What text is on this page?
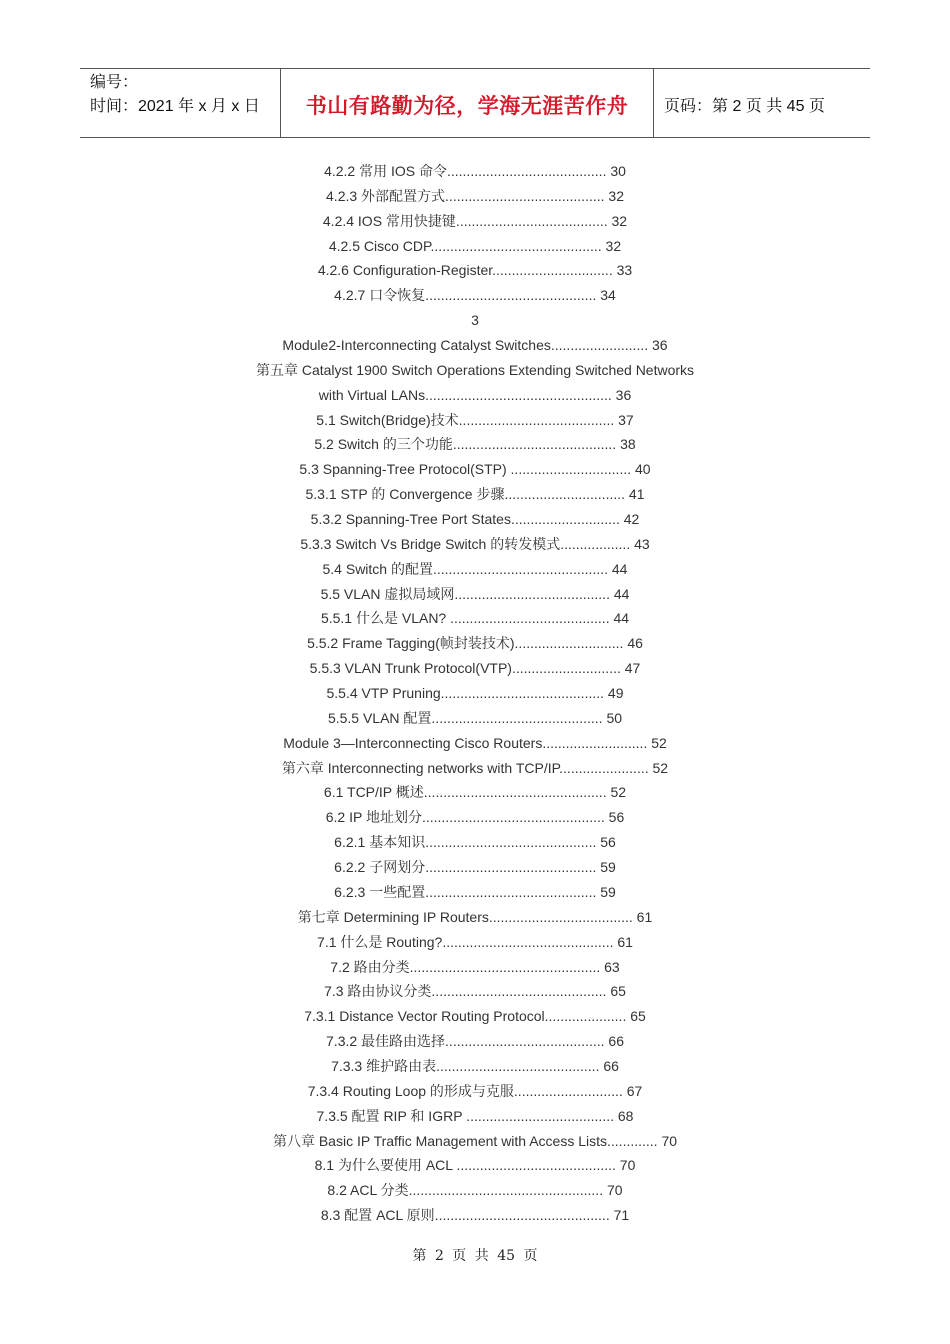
编号：
时间：2021 年 x 月 x 日	书山有路勤为径，学海无涯苦作舟	页码：第 2 页 共 45 页
4.2.2 常用 IOS 命令......................................... 30
4.2.3 外部配置方式......................................... 32
4.2.4 IOS 常用快捷键....................................... 32
4.2.5 Cisco CDP............................................ 32
4.2.6 Configuration-Register............................... 33
4.2.7 口令恢复............................................ 34
3
Module2-Interconnecting Catalyst Switches......................... 36
第五章 Catalyst 1900 Switch Operations Extending Switched Networks
with Virtual LANs................................................ 36
5.1 Switch(Bridge)技术........................................ 37
5.2 Switch 的三个功能.......................................... 38
5.3 Spanning-Tree Protocol(STP) ............................... 40
5.3.1 STP 的 Convergence 步骤............................... 41
5.3.2 Spanning-Tree Port States............................ 42
5.3.3 Switch Vs Bridge Switch 的转发模式.................. 43
5.4 Switch 的配置............................................. 44
5.5 VLAN 虚拟局域网........................................ 44
5.5.1 什么是 VLAN? ......................................... 44
5.5.2 Frame Tagging(帧封装技术)............................ 46
5.5.3 VLAN Trunk Protocol(VTP)............................ 47
5.5.4 VTP Pruning.......................................... 49
5.5.5 VLAN 配置............................................ 50
Module 3—Interconnecting Cisco Routers........................... 52
第六章 Interconnecting networks with TCP/IP....................... 52
6.1 TCP/IP 概述............................................... 52
6.2 IP 地址划分............................................... 56
6.2.1 基本知识............................................ 56
6.2.2 子网划分............................................ 59
6.2.3 一些配置............................................ 59
第七章 Determining IP Routers..................................... 61
7.1 什么是 Routing?............................................ 61
7.2 路由分类................................................. 63
7.3 路由协议分类............................................. 65
7.3.1 Distance Vector Routing Protocol..................... 65
7.3.2 最佳路由选择......................................... 66
7.3.3 维护路由表.......................................... 66
7.3.4 Routing Loop 的形成与克服............................ 67
7.3.5 配置 RIP 和 IGRP ...................................... 68
第八章 Basic IP Traffic Management with Access Lists............. 70
8.1 为什么要使用 ACL ......................................... 70
8.2 ACL 分类.................................................. 70
8.3 配置 ACL 原则............................................. 71
第 2 页 共 45 页
